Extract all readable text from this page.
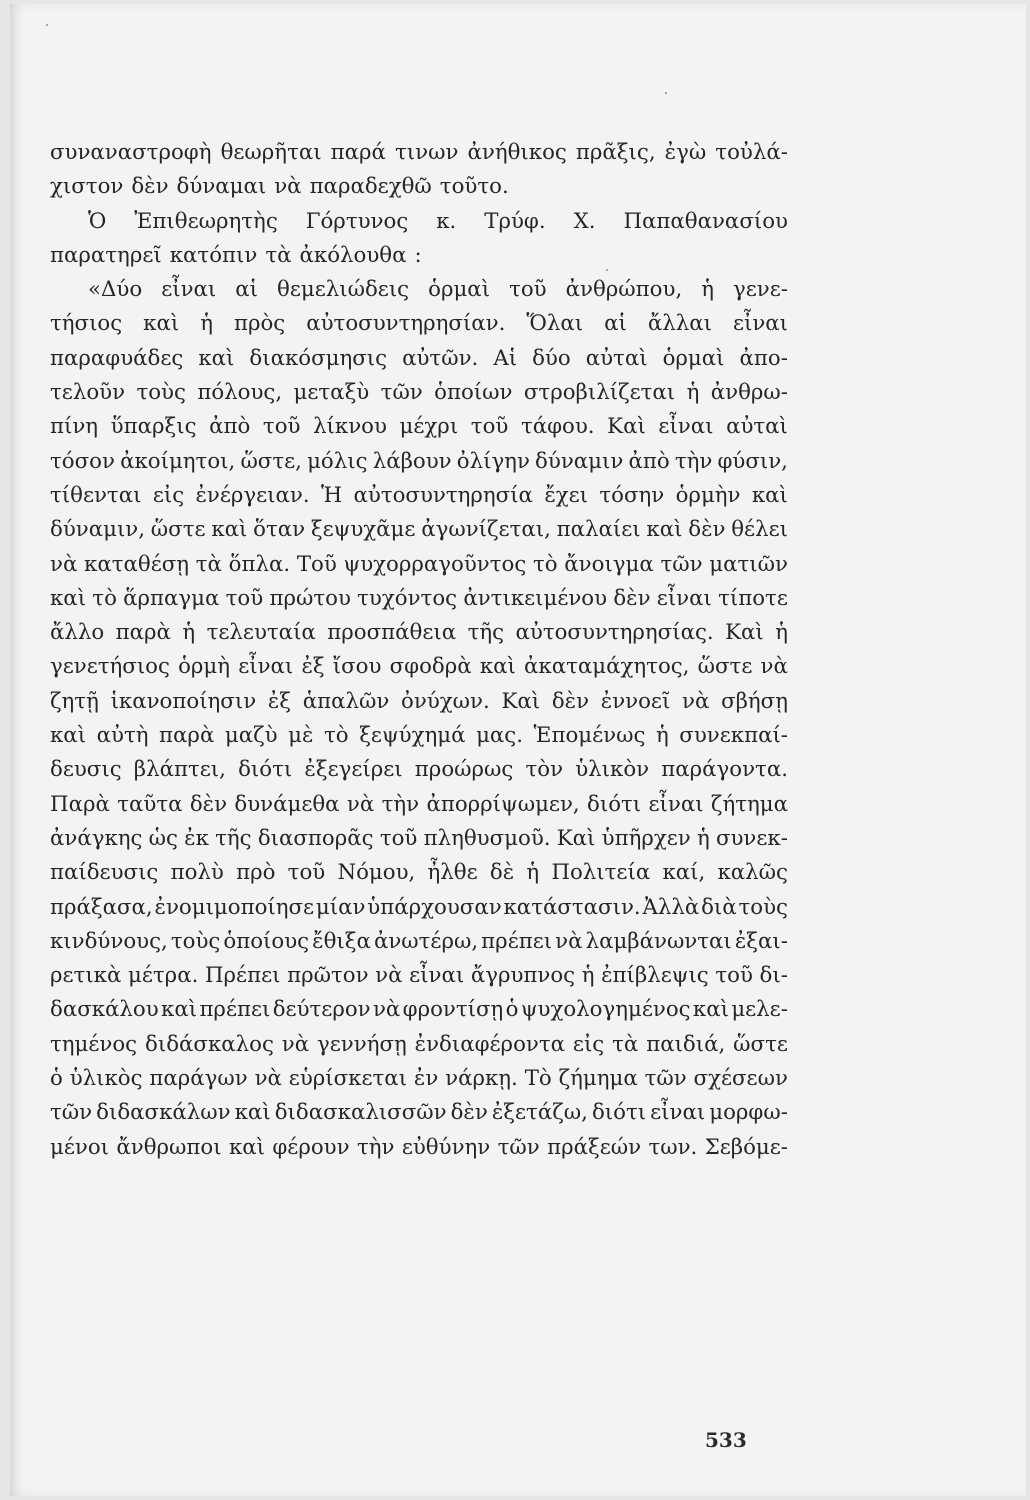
συναναστροφὴ θεωρῆται παρά τινων ἀνήθικος πρᾶξις, ἐγὼ τοὐλά-
χιστον δὲν δύναμαι νὰ παραδεχθῶ τοῦτο.
Ὁ Ἐπιθεωρητὴς Γόρτυνος κ. Τρύφ. Χ. Παπαθανασίου
παρατηρεῖ κατόπιν τὰ ἀκόλουθα :
«Δύο εἶναι αἱ θεμελιώδεις ὁρμαὶ τοῦ ἀνθρώπου, ἡ γενε-
τήσιος καὶ ἡ πρὸς αὐτοσυντηρησίαν. Ὅλαι αἱ ἄλλαι εἶναι
παραφυάδες καὶ διακόσμησις αὐτῶν. Αἱ δύο αὐταὶ ὁρμαὶ ἀπο-
τελοῦν τοὺς πόλους, μεταξὺ τῶν ὁποίων στροβιλίζεται ἡ ἀνθρω-
πίνη ὕπαρξις ἀπὸ τοῦ λίκνου μέχρι τοῦ τάφου. Καὶ εἶναι αὐταὶ
τόσον ἀκοίμητοι, ὥστε, μόλις λάβουν ὀλίγην δύναμιν ἀπὸ τὴν φύσιν,
τίθενται εἰς ἐνέργειαν. Ἡ αὐτοσυντηρησία ἔχει τόσην ὁρμὴν καὶ
δύναμιν, ὥστε καὶ ὅταν ξεψυχᾶμε ἀγωνίζεται, παλαίει καὶ δὲν θέλει
νὰ καταθέσῃ τὰ ὅπλα. Τοῦ ψυχορραγοῦντος τὸ ἄνοιγμα τῶν ματιῶν
καὶ τὸ ἅρπαγμα τοῦ πρώτου τυχόντος ἀντικειμένου δὲν εἶναι τίποτε
ἄλλο παρὰ ἡ τελευταία προσπάθεια τῆς αὐτοσυντηρησίας. Καὶ ἡ
γενετήσιος ὁρμὴ εἶναι ἐξ ἴσου σφοδρὰ καὶ ἀκαταμάχητος, ὥστε νὰ
ζητῇ ἱκανοποίησιν ἐξ ἁπαλῶν ὀνύχων. Καὶ δὲν ἐννοεῖ νὰ σβήσῃ
καὶ αὐτὴ παρὰ μαζὺ μὲ τὸ ξεψύχημά μας. Ἑπομένως ἡ συνεκπαί-
δευσις βλάπτει, διότι ἐξεγείρει προώρως τὸν ὑλικὸν παράγοντα.
Παρὰ ταῦτα δὲν δυνάμεθα νὰ τὴν ἀπορρίψωμεν, διότι εἶναι ζήτημα
ἀνάγκης ὡς ἐκ τῆς διασπορᾶς τοῦ πληθυσμοῦ. Καὶ ὑπῆρχεν ἡ συνεκ-
παίδευσις πολὺ πρὸ τοῦ Νόμου, ἦλθε δὲ ἡ Πολιτεία καί, καλῶς
πράξασα, ἐνομιμοποίησε μίαν ὑπάρχουσαν κατάστασιν. Ἀλλὰ διὰ τοὺς
κινδύνους, τοὺς ὁποίους ἔθιξα ἀνωτέρω, πρέπει νὰ λαμβάνωνται ἐξαι-
ρετικὰ μέτρα. Πρέπει πρῶτον νὰ εἶναι ἄγρυπνος ἡ ἐπίβλεψις τοῦ δι-
δασκάλου καὶ πρέπει δεύτερον νὰ φροντίσῃ ὁ ψυχολογημένος καὶ μελε-
τημένος διδάσκαλος νὰ γεννήσῃ ἐνδιαφέροντα εἰς τὰ παιδιά, ὥστε
ὁ ὑλικὸς παράγων νὰ εὑρίσκεται ἐν νάρκῃ. Τὸ ζήμημα τῶν σχέσεων
τῶν διδασκάλων καὶ διδασκαλισσῶν δὲν ἐξετάζω, διότι εἶναι μορφω-
μένοι ἄνθρωποι καὶ φέρουν τὴν εὐθύνην τῶν πράξεών των. Σεβόμε-
533
